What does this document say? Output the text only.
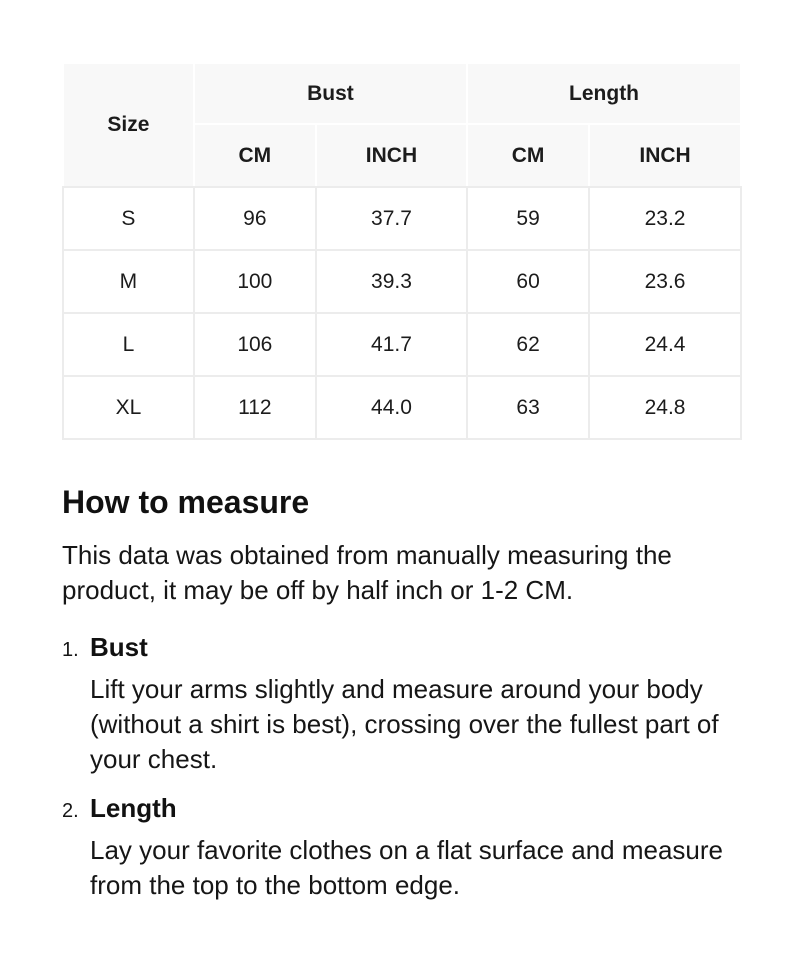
Size	Bust		Length	
	CM	INCH	CM	INCH
S	96	37.7	59	23.2
M	100	39.3	60	23.6
L	106	41.7	62	24.4
XL	112	44.0	63	24.8
How to measure

This data was obtained from manually measuring the product, it may be off by half inch or 1-2 CM.

1. Bust

Lift your arms slightly and measure around your body (without a shirt is best), crossing over the fullest part of your chest.

2. Length

Lay your favorite clothes on a flat surface and measure from the top to the bottom edge.
